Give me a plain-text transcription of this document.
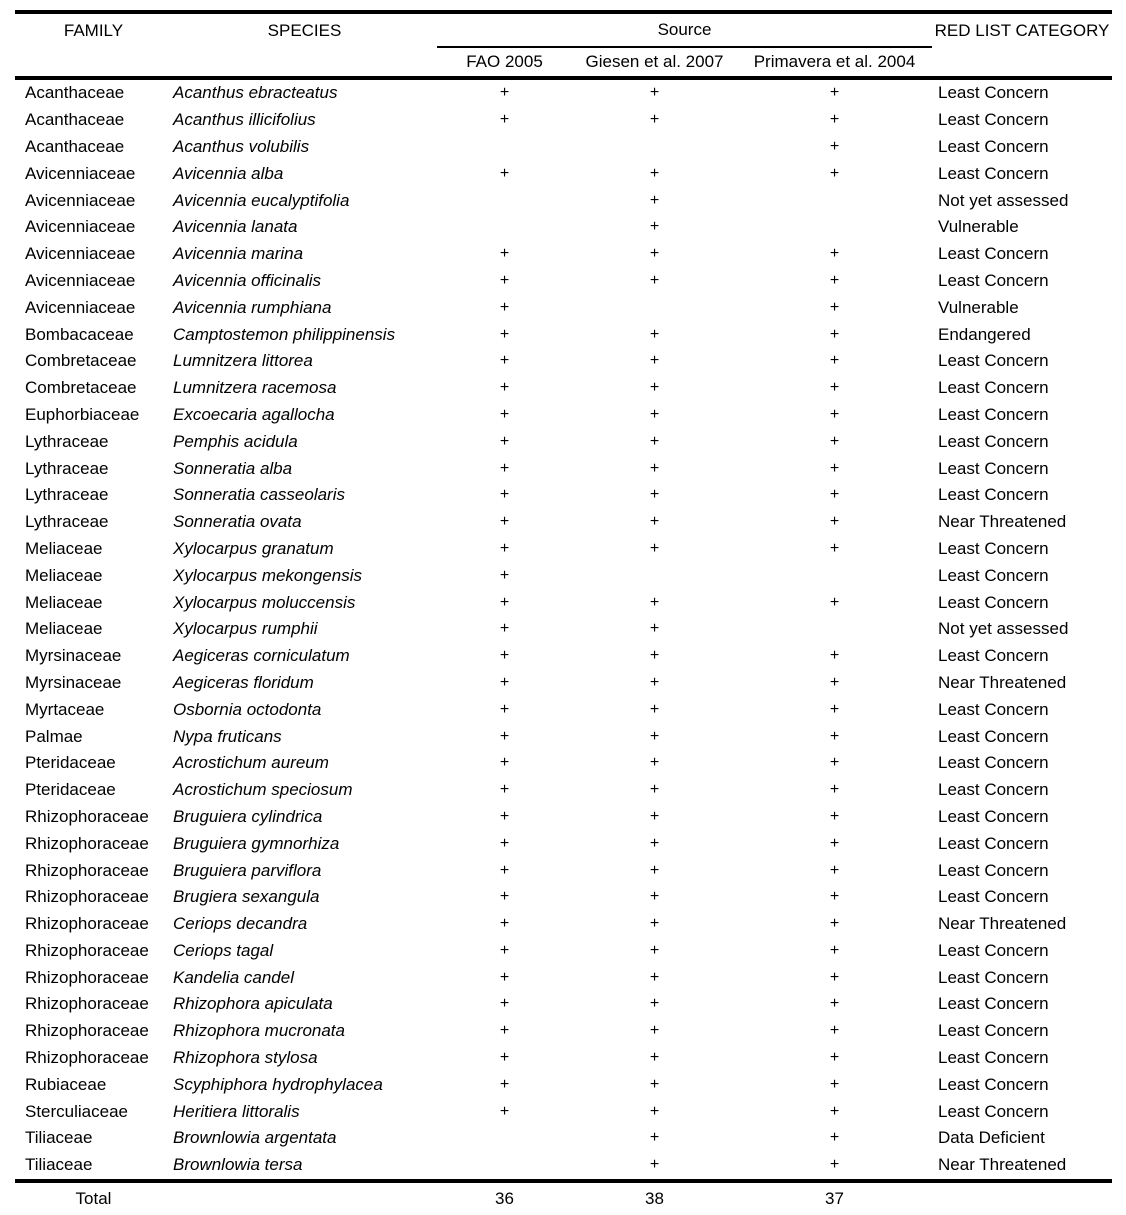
FAMILY	SPECIES	Source			RED LIST CATEGORY
		FAO 2005	Giesen et al. 2007	Primavera et al. 2004	
Acanthaceae	Acanthus ebracteatus	+	+	+	Least Concern
Acanthaceae	Acanthus illicifolius	+	+	+	Least Concern
Acanthaceae	Acanthus volubilis			+	Least Concern
Avicenniaceae	Avicennia alba	+	+	+	Least Concern
Avicenniaceae	Avicennia eucalyptifolia		+		Not yet assessed
Avicenniaceae	Avicennia lanata		+		Vulnerable
Avicenniaceae	Avicennia marina	+	+	+	Least Concern
Avicenniaceae	Avicennia officinalis	+	+	+	Least Concern
Avicenniaceae	Avicennia rumphiana	+		+	Vulnerable
Bombacaceae	Camptostemon philippinensis	+	+	+	Endangered
Combretaceae	Lumnitzera littorea	+	+	+	Least Concern
Combretaceae	Lumnitzera racemosa	+	+	+	Least Concern
Euphorbiaceae	Excoecaria agallocha	+	+	+	Least Concern
Lythraceae	Pemphis acidula	+	+	+	Least Concern
Lythraceae	Sonneratia alba	+	+	+	Least Concern
Lythraceae	Sonneratia casseolaris	+	+	+	Least Concern
Lythraceae	Sonneratia ovata	+	+	+	Near Threatened
Meliaceae	Xylocarpus granatum	+	+	+	Least Concern
Meliaceae	Xylocarpus mekongensis	+			Least Concern
Meliaceae	Xylocarpus moluccensis	+	+	+	Least Concern
Meliaceae	Xylocarpus rumphii	+	+		Not yet assessed
Myrsinaceae	Aegiceras corniculatum	+	+	+	Least Concern
Myrsinaceae	Aegiceras floridum	+	+	+	Near Threatened
Myrtaceae	Osbornia octodonta	+	+	+	Least Concern
Palmae	Nypa fruticans	+	+	+	Least Concern
Pteridaceae	Acrostichum aureum	+	+	+	Least Concern
Pteridaceae	Acrostichum speciosum	+	+	+	Least Concern
Rhizophoraceae	Bruguiera cylindrica	+	+	+	Least Concern
Rhizophoraceae	Bruguiera gymnorhiza	+	+	+	Least Concern
Rhizophoraceae	Bruguiera parviflora	+	+	+	Least Concern
Rhizophoraceae	Brugiera sexangula	+	+	+	Least Concern
Rhizophoraceae	Ceriops decandra	+	+	+	Near Threatened
Rhizophoraceae	Ceriops tagal	+	+	+	Least Concern
Rhizophoraceae	Kandelia candel	+	+	+	Least Concern
Rhizophoraceae	Rhizophora apiculata	+	+	+	Least Concern
Rhizophoraceae	Rhizophora mucronata	+	+	+	Least Concern
Rhizophoraceae	Rhizophora stylosa	+	+	+	Least Concern
Rubiaceae	Scyphiphora hydrophylacea	+	+	+	Least Concern
Sterculiaceae	Heritiera littoralis	+	+	+	Least Concern
Tiliaceae	Brownlowia argentata		+	+	Data Deficient
Tiliaceae	Brownlowia tersa		+	+	Near Threatened
Total		36	38	37	
